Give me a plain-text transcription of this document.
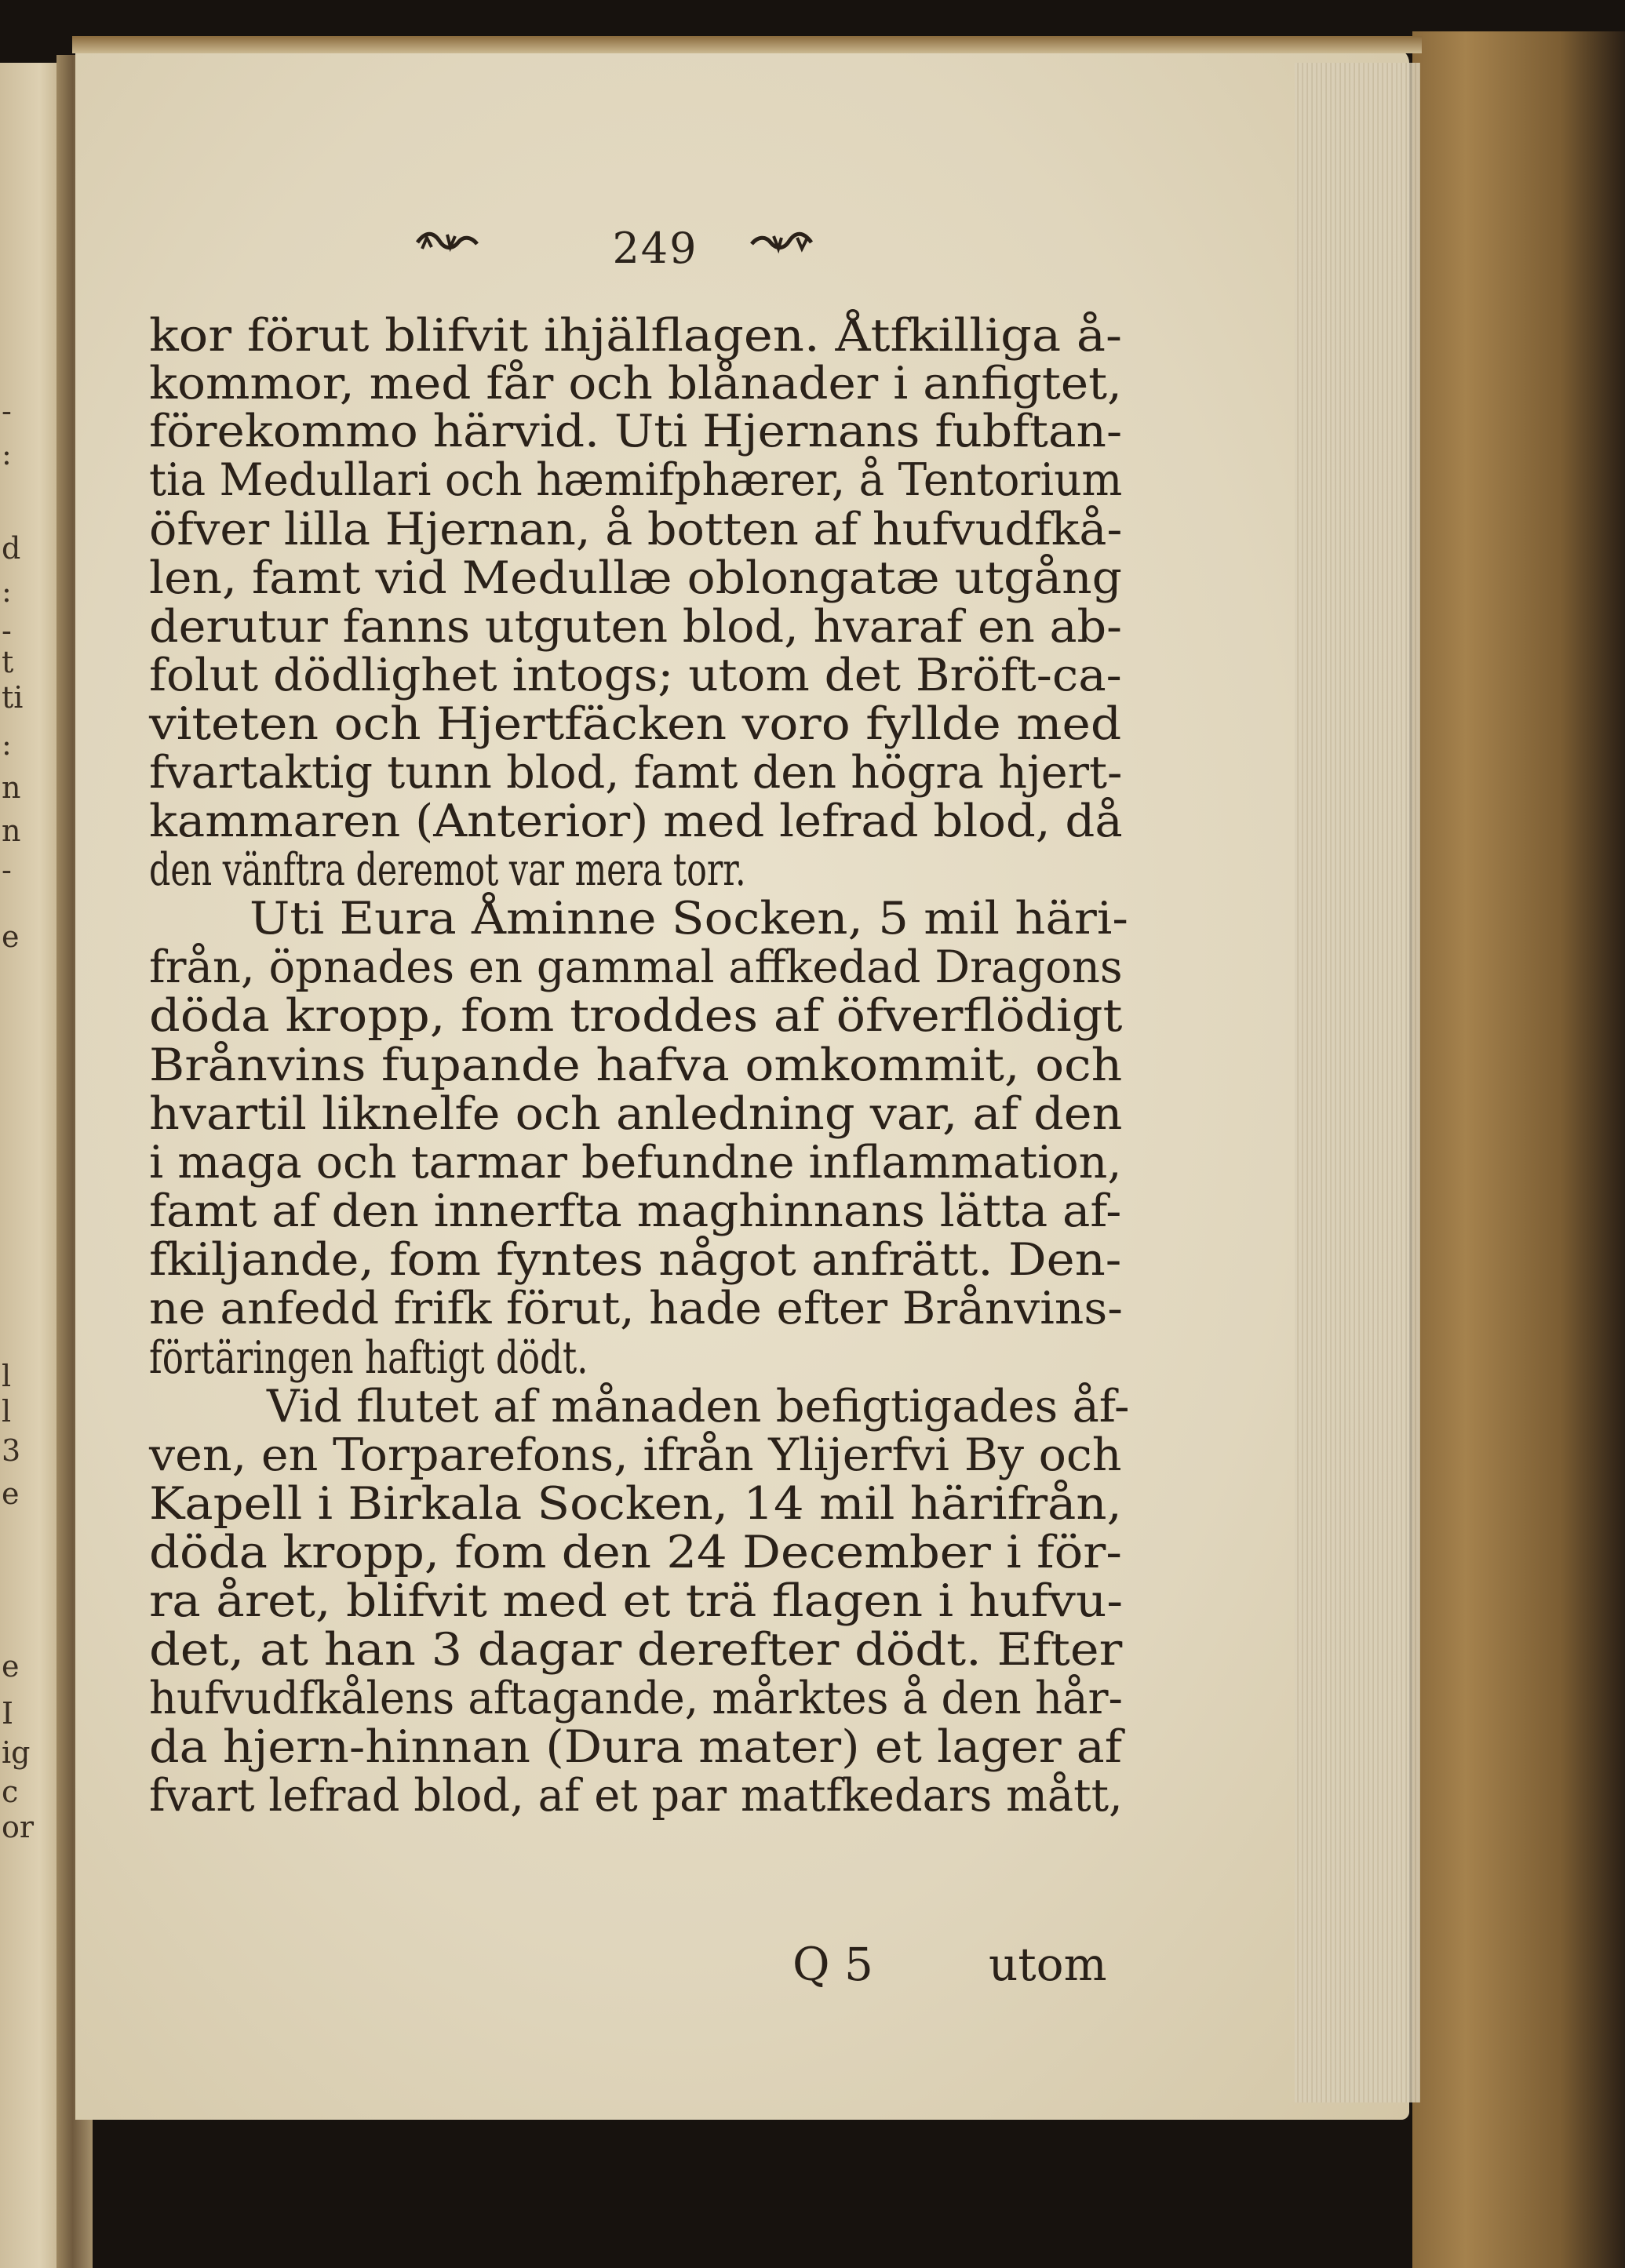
-
:
d
:
-
t
ti
:
n
n
-
e
l
l
3
e
e
I
ig
c
or
249
kor förut blifvit ihjälflagen. Åtfkilliga å-
kommor, med får och blånader i anfigtet,
förekommo härvid. Uti Hjernans fubftan-
tia Medullari och hæmifphærer, å Tentorium
öfver lilla Hjernan, å botten af hufvudfkå-
len, famt vid Medullæ oblongatæ utgång
derutur fanns utguten blod, hvaraf en ab-
folut dödlighet intogs; utom det Bröft-ca-
viteten och Hjertfäcken voro fyllde med
fvartaktig tunn blod, famt den högra hjert-
kammaren (Anterior) med lefrad blod, då
den vänftra deremot var mera torr.
Uti Eura Åminne Socken, 5 mil häri-
från, öpnades en gammal affkedad Dragons
döda kropp, fom troddes af öfverflödigt
Brånvins fupande hafva omkommit, och
hvartil liknelfe och anledning var, af den
i maga och tarmar befundne inflammation,
famt af den innerfta maghinnans lätta af-
fkiljande, fom fyntes något anfrätt. Den-
ne anfedd frifk förut, hade efter Brånvins-
förtäringen haftigt dödt.
Vid flutet af månaden befigtigades åf-
ven, en Torparefons, ifrån Ylijerfvi By och
Kapell i Birkala Socken, 14 mil härifrån,
döda kropp, fom den 24 December i för-
ra året, blifvit med et trä flagen i hufvu-
det, at han 3 dagar derefter dödt. Efter
hufvudfkålens aftagande, mårktes å den hår-
da hjern-hinnan (Dura mater) et lager af
fvart lefrad blod, af et par matfkedars mått,
Q 5	utom
